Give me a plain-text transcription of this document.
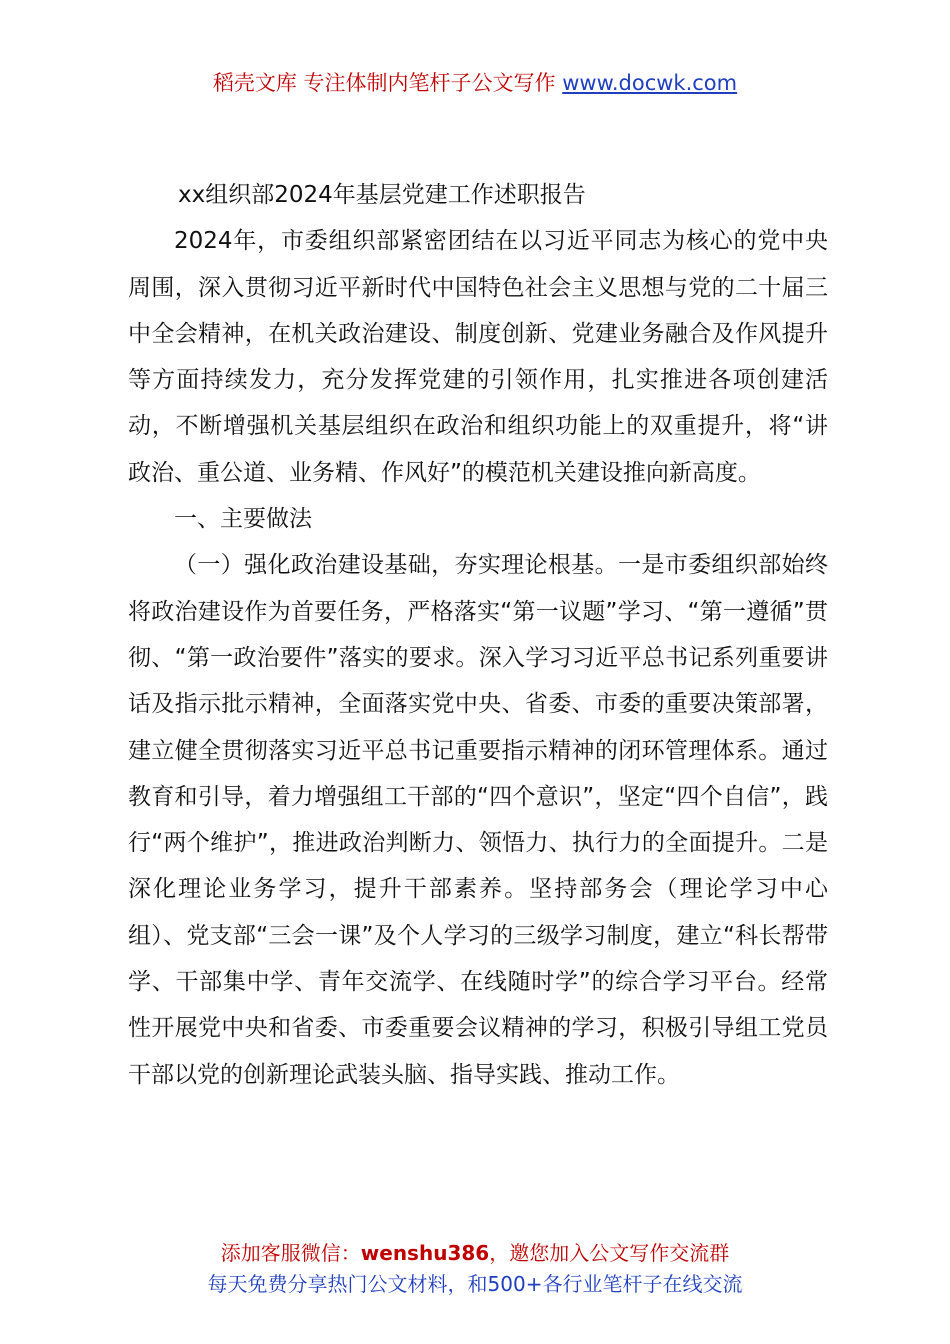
稻壳文库 专注体制内笔杆子公文写作 www.docwk.com

xx组织部2024年基层党建工作述职报告

2024年，市委组织部紧密团结在以习近平同志为核心的党中央周围，深入贯彻习近平新时代中国特色社会主义思想与党的二十届三中全会精神，在机关政治建设、制度创新、党建业务融合及作风提升等方面持续发力，充分发挥党建的引领作用，扎实推进各项创建活动，不断增强机关基层组织在政治和组织功能上的双重提升，将“讲政治、重公道、业务精、作风好”的模范机关建设推向新高度。

一、主要做法

（一）强化政治建设基础，夯实理论根基。一是市委组织部始终将政治建设作为首要任务，严格落实“第一议题”学习、“第一遵循”贯彻、“第一政治要件”落实的要求。深入学习习近平总书记系列重要讲话及指示批示精神，全面落实党中央、省委、市委的重要决策部署，建立健全贯彻落实习近平总书记重要指示精神的闭环管理体系。通过教育和引导，着力增强组工干部的“四个意识”，坚定“四个自信”，践行“两个维护”，推进政治判断力、领悟力、执行力的全面提升。二是深化理论业务学习，提升干部素养。坚持部务会（理论学习中心组）、党支部“三会一课”及个人学习的三级学习制度，建立“科长帮带学、干部集中学、青年交流学、在线随时学”的综合学习平台。经常性开展党中央和省委、市委重要会议精神的学习，积极引导组工党员干部以党的创新理论武装头脑、指导实践、推动工作。

添加客服微信：wenshu386，邀您加入公文写作交流群
每天免费分享热门公文材料，和500+各行业笔杆子在线交流
